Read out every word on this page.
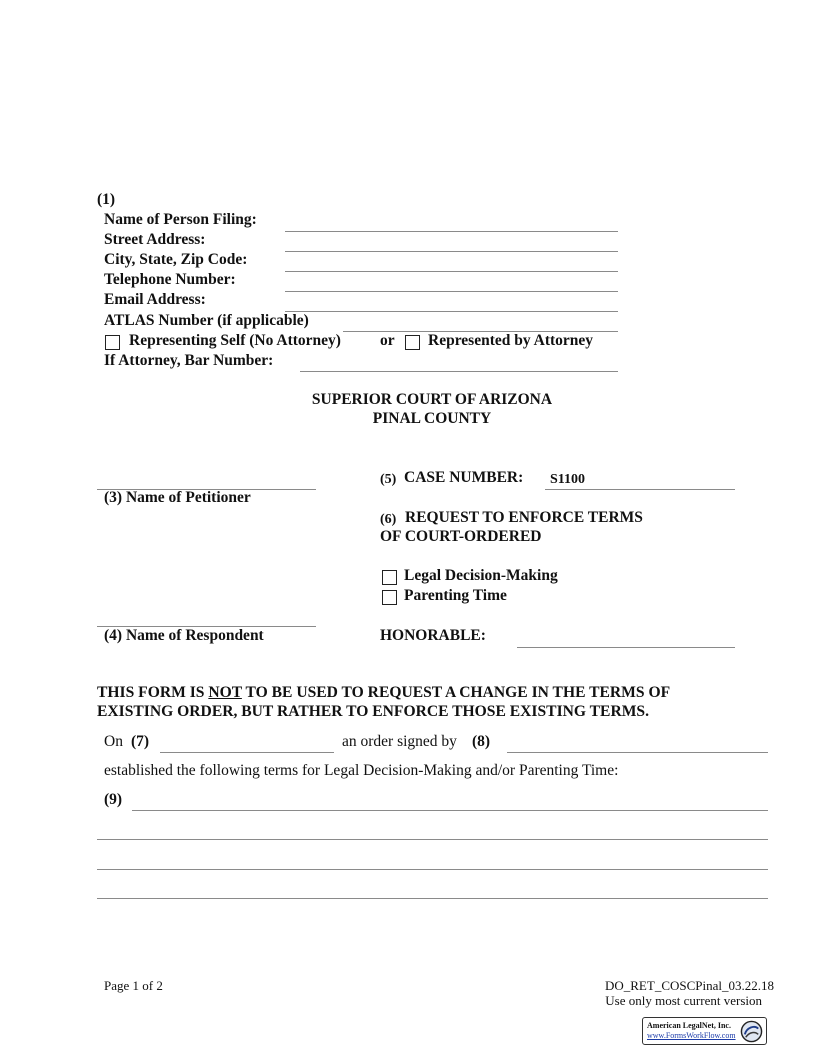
(1)
Name of Person Filing:
Street Address:
City, State, Zip Code:
Telephone Number:
Email Address:
ATLAS Number (if applicable)
Representing Self (No Attorney)	or Represented by Attorney
If Attorney, Bar Number:
SUPERIOR COURT OF ARIZONA
PINAL COUNTY
(3) Name of Petitioner
(4) Name of Respondent
(5) CASE NUMBER: S1100
(6) REQUEST TO ENFORCE TERMS
OF COURT-ORDERED
Legal Decision-Making
Parenting Time
HONORABLE:
THIS FORM IS NOT TO BE USED TO REQUEST A CHANGE IN THE TERMS OF
EXISTING ORDER, BUT RATHER TO ENFORCE THOSE EXISTING TERMS.
On (7)	an order signed by (8)
established the following terms for Legal Decision-Making and/or Parenting Time:
(9)
Page 1 of 2	DO_RET_COSCPinal_03.22.18
Use only most current version
American LegalNet, Inc.
www.FormsWorkFlow.com
